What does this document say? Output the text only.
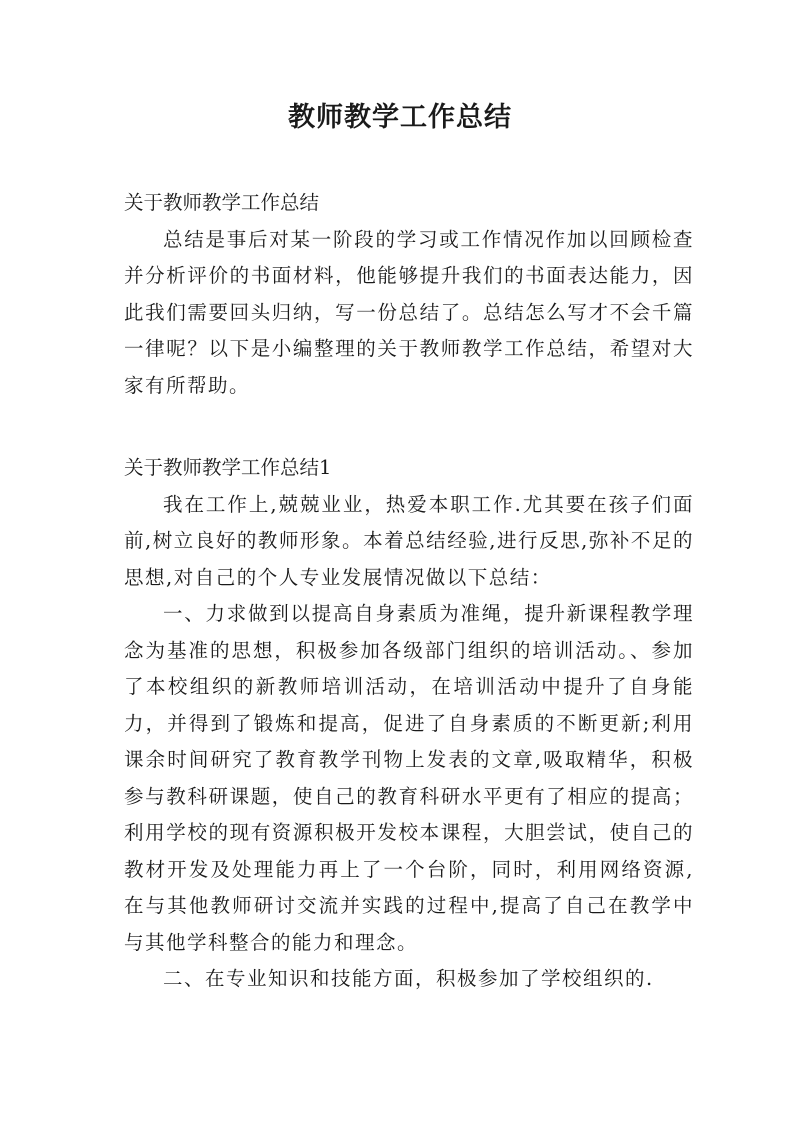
教师教学工作总结

关于教师教学工作总结

总结是事后对某一阶段的学习或工作情况作加以回顾检查并分析评价的书面材料，他能够提升我们的书面表达能力，因此我们需要回头归纳，写一份总结了。总结怎么写才不会千篇一律呢？以下是小编整理的关于教师教学工作总结，希望对大家有所帮助。

关于教师教学工作总结1

我在工作上,兢兢业业，热爱本职工作.尤其要在孩子们面前,树立良好的教师形象。本着总结经验,进行反思,弥补不足的思想,对自己的个人专业发展情况做以下总结：

一、力求做到以提高自身素质为准绳，提升新课程教学理念为基准的思想，积极参加各级部门组织的培训活动。、参加了本校组织的新教师培训活动，在培训活动中提升了自身能力，并得到了锻炼和提高，促进了自身素质的不断更新;利用课余时间研究了教育教学刊物上发表的文章,吸取精华，积极参与教科研课题，使自己的教育科研水平更有了相应的提高；利用学校的现有资源积极开发校本课程，大胆尝试，使自己的教材开发及处理能力再上了一个台阶，同时，利用网络资源,在与其他教师研讨交流并实践的过程中,提高了自己在教学中与其他学科整合的能力和理念。

二、在专业知识和技能方面，积极参加了学校组织的.
